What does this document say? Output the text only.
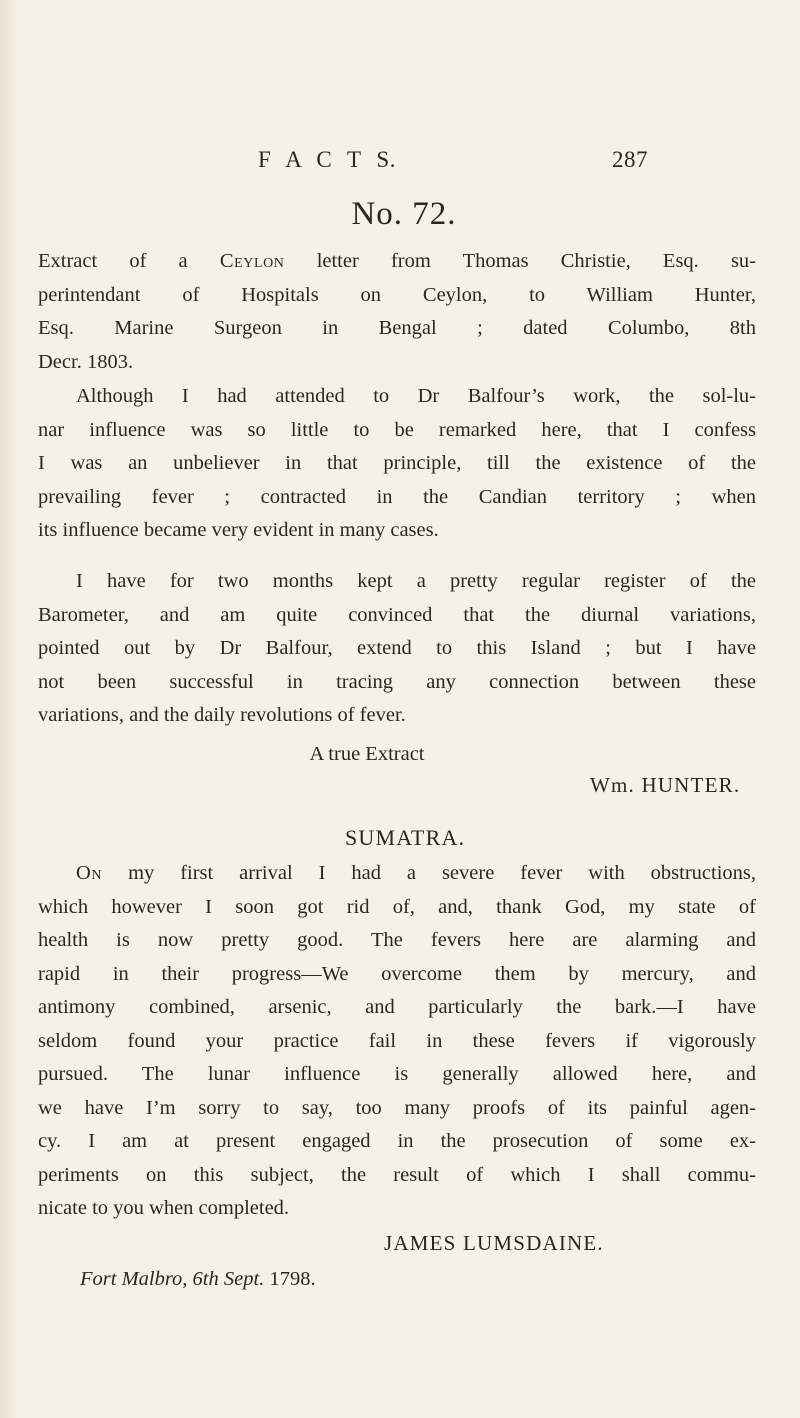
F A C T S.	287
No. 72.
Extract of a Ceylon letter from Thomas Christie, Esq. su-
perintendant of Hospitals on Ceylon, to William Hunter,
Esq. Marine Surgeon in Bengal ; dated Columbo, 8th
Decr. 1803.
Although I had attended to Dr Balfour’s work, the sol-lu-
nar influence was so little to be remarked here, that I confess
I was an unbeliever in that principle, till the existence of the
prevailing fever ; contracted in the Candian territory ; when
its influence became very evident in many cases.
I have for two months kept a pretty regular register of the
Barometer, and am quite convinced that the diurnal variations,
pointed out by Dr Balfour, extend to this Island ; but I have
not been successful in tracing any connection between these
variations, and the daily revolutions of fever.
A true Extract
Wm. HUNTER.
SUMATRA.
On my first arrival I had a severe fever with obstructions,
which however I soon got rid of, and, thank God, my state of
health is now pretty good. The fevers here are alarming and
rapid in their progress—We overcome them by mercury, and
antimony combined, arsenic, and particularly the bark.—I have
seldom found your practice fail in these fevers if vigorously
pursued. The lunar influence is generally allowed here, and
we have I’m sorry to say, too many proofs of its painful agen-
cy. I am at present engaged in the prosecution of some ex-
periments on this subject, the result of which I shall commu-
nicate to you when completed.
JAMES LUMSDAINE.
Fort Malbro, 6th Sept. 1798.
